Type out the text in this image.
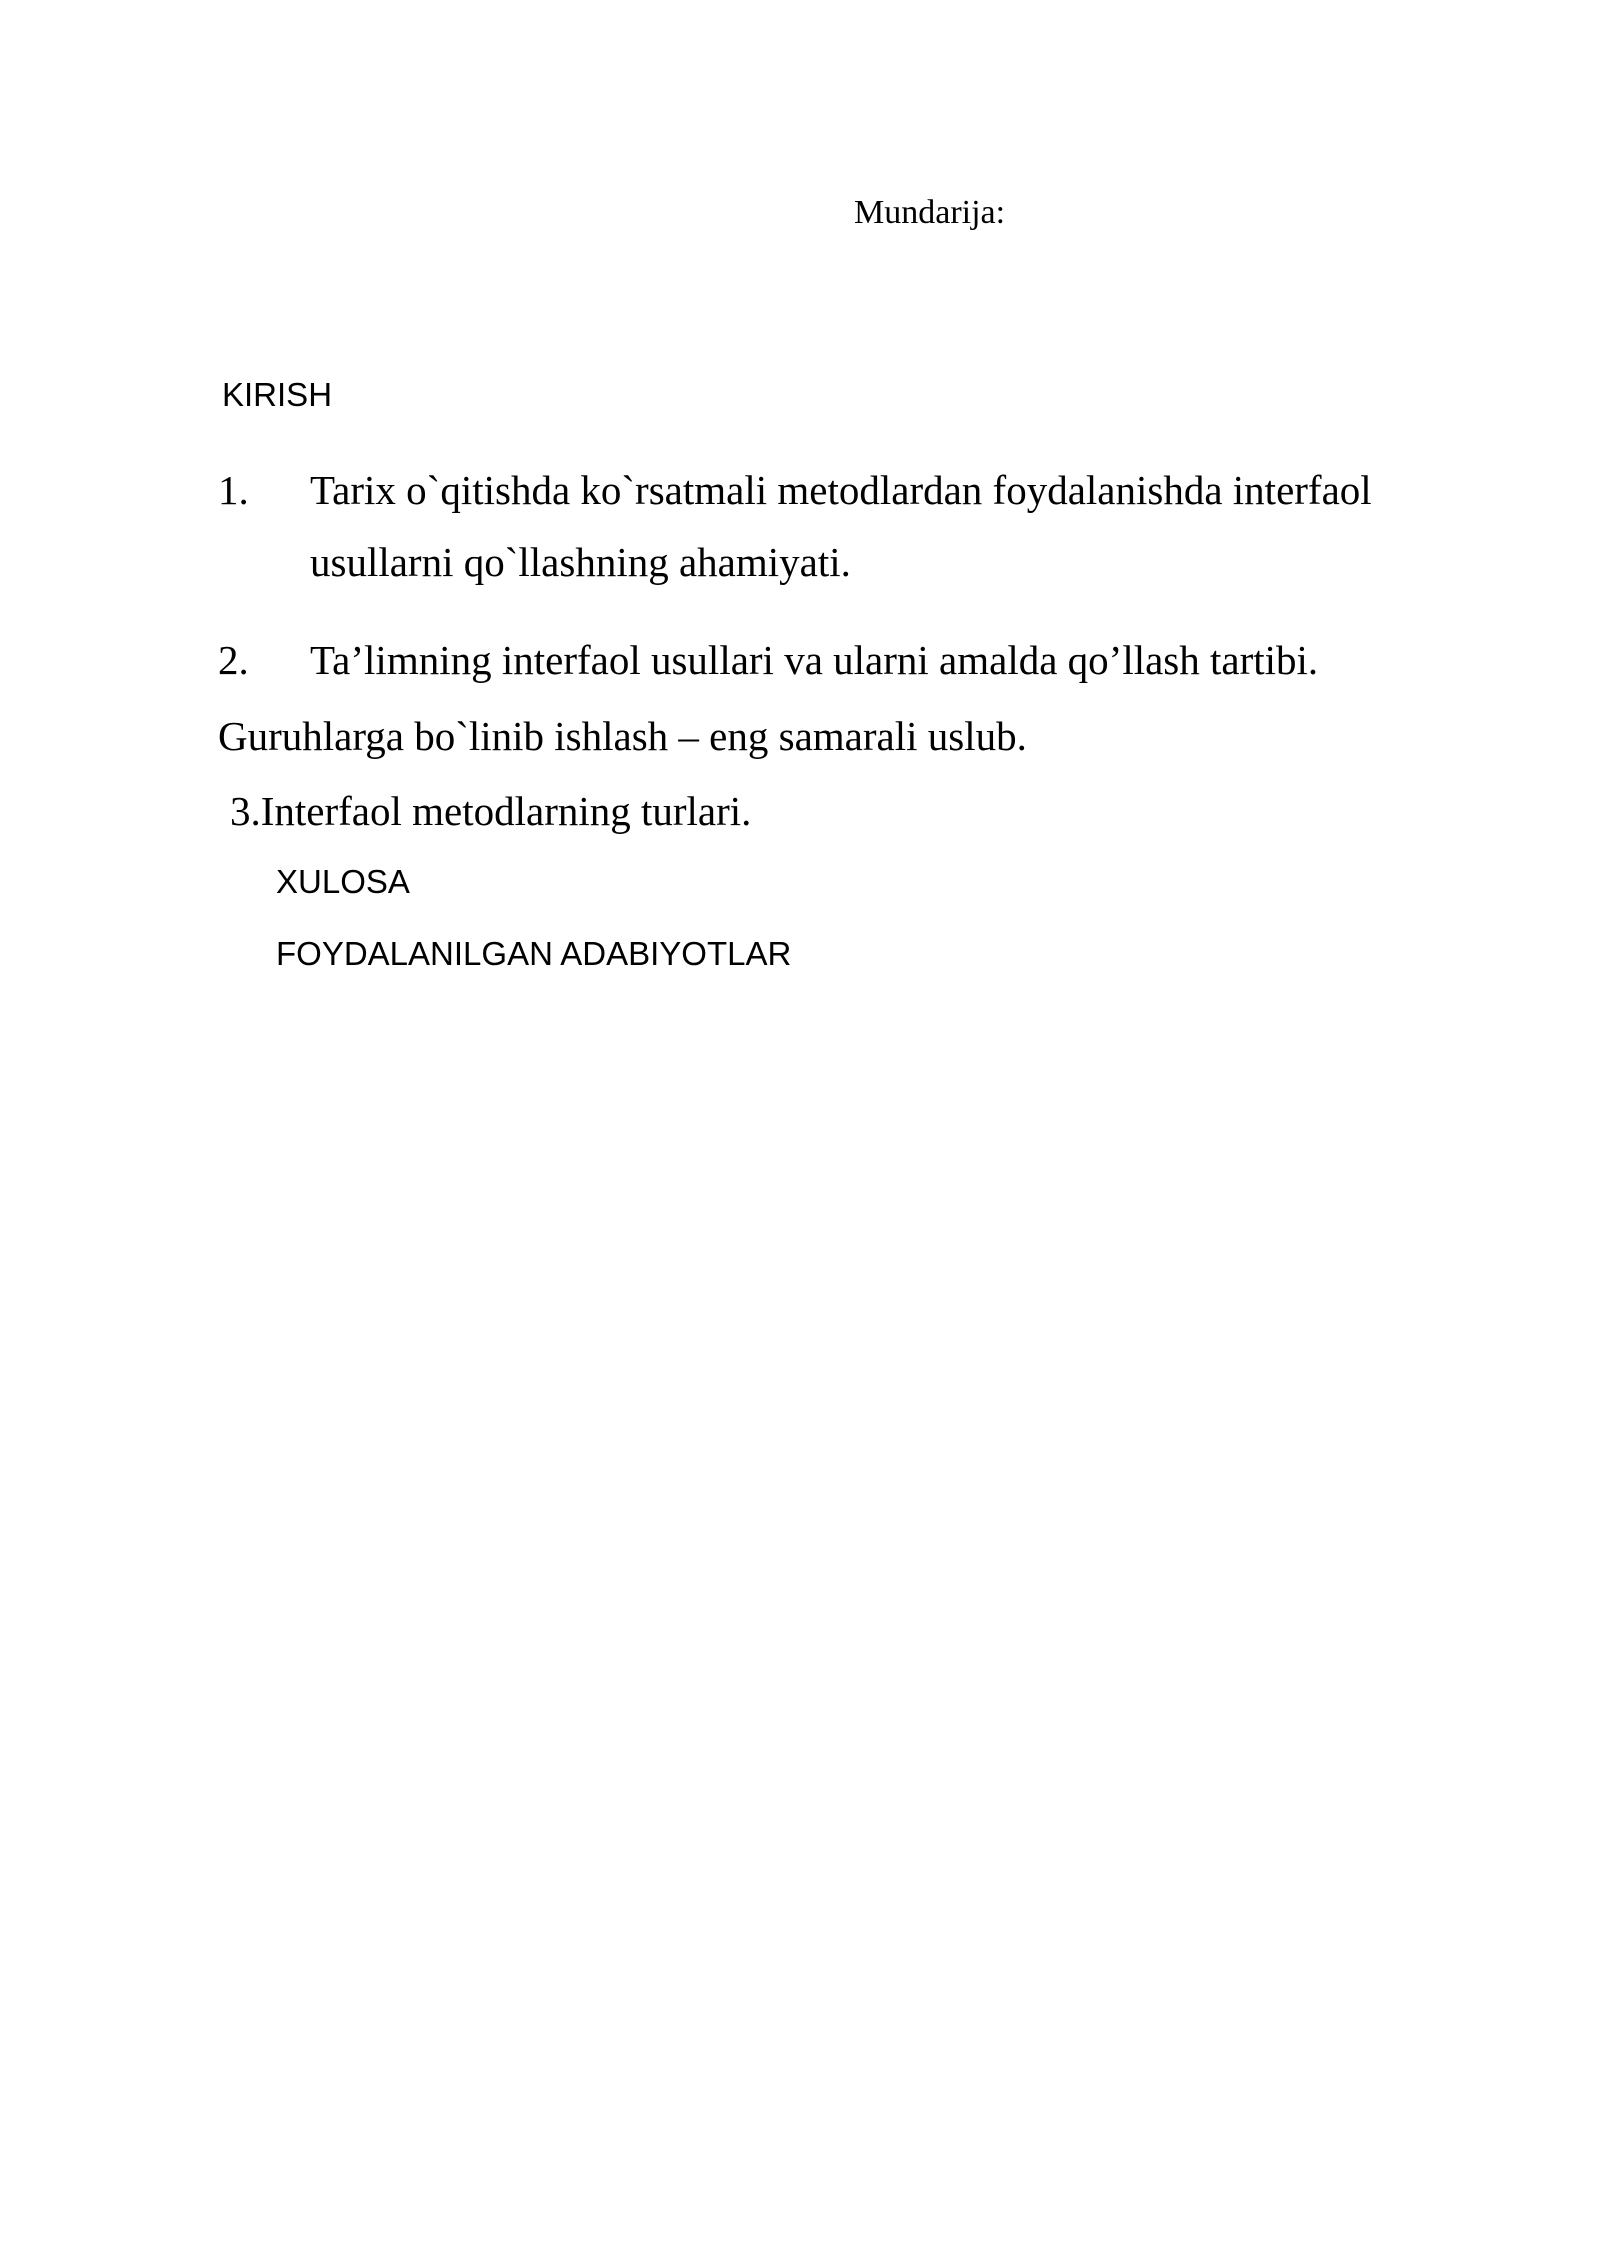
Mundarija:
KIRISH
1. Tarix o`qitishda ko`rsatmali metodlardan foydalanishda interfaol
usullarni qo`llashning ahamiyati.
2. Ta’limning interfaol usullari va ularni amalda qo’llash tartibi.
Guruhlarga bo`linib ishlash – eng samarali uslub.
3.Interfaol metodlarning turlari.
XULOSA
FOYDALANILGAN ADABIYOTLAR
